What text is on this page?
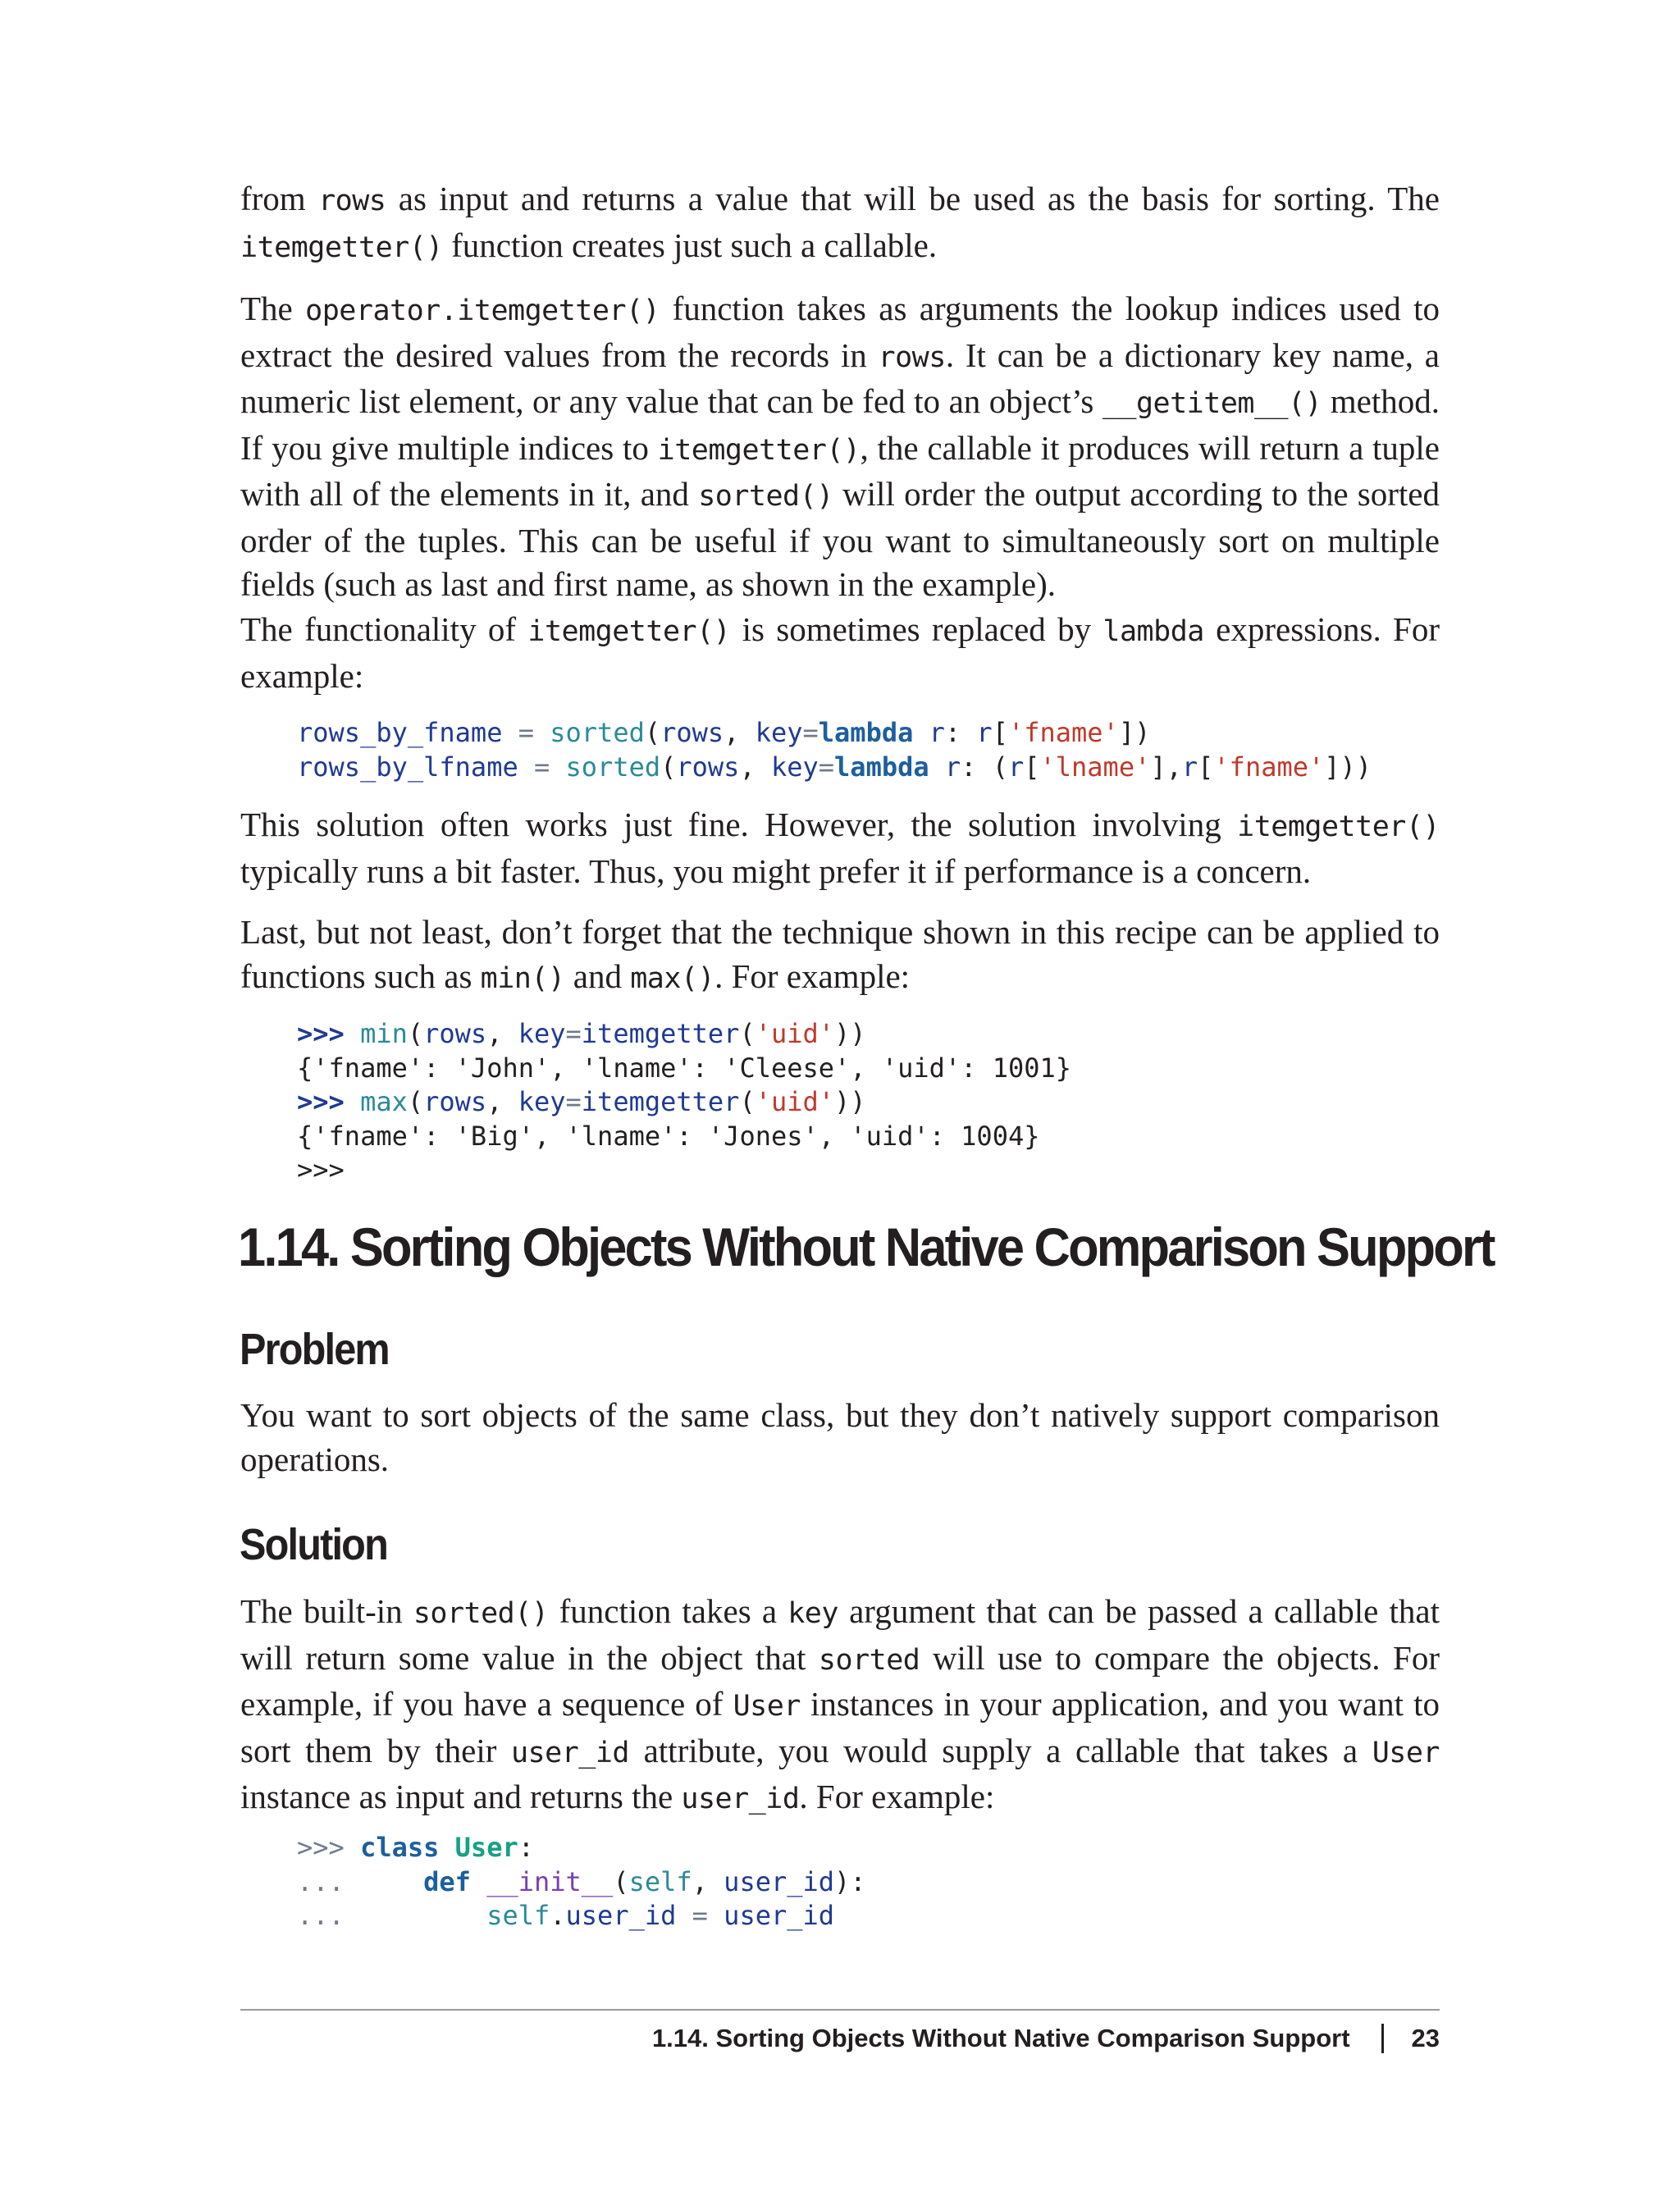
from rows as input and returns a value that will be used as the basis for sorting. The itemgetter() function creates just such a callable.

The operator.itemgetter() function takes as arguments the lookup indices used to extract the desired values from the records in rows. It can be a dictionary key name, a numeric list element, or any value that can be fed to an object’s __getitem__() method. If you give multiple indices to itemgetter(), the callable it produces will return a tuple with all of the elements in it, and sorted() will order the output according to the sorted order of the tuples. This can be useful if you want to simultaneously sort on multiple fields (such as last and first name, as shown in the example).

The functionality of itemgetter() is sometimes replaced by lambda expressions. For example:

rows_by_fname = sorted(rows, key=lambda r: r['fname'])
rows_by_lfname = sorted(rows, key=lambda r: (r['lname'],r['fname']))

This solution often works just fine. However, the solution involving itemgetter() typically runs a bit faster. Thus, you might prefer it if performance is a concern.

Last, but not least, don’t forget that the technique shown in this recipe can be applied to functions such as min() and max(). For example:

>>> min(rows, key=itemgetter('uid'))
{'fname': 'John', 'lname': 'Cleese', 'uid': 1001}
>>> max(rows, key=itemgetter('uid'))
{'fname': 'Big', 'lname': 'Jones', 'uid': 1004}
>>>
1.14. Sorting Objects Without Native Comparison Support
Problem

You want to sort objects of the same class, but they don’t natively support comparison operations.

Solution

The built-in sorted() function takes a key argument that can be passed a callable that will return some value in the object that sorted will use to compare the objects. For example, if you have a sequence of User instances in your application, and you want to sort them by their user_id attribute, you would supply a callable that takes a User instance as input and returns the user_id. For example:

>>> class User:
...     def __init__(self, user_id):
...         self.user_id = user_id
1.14. Sorting Objects Without Native Comparison Support 23
